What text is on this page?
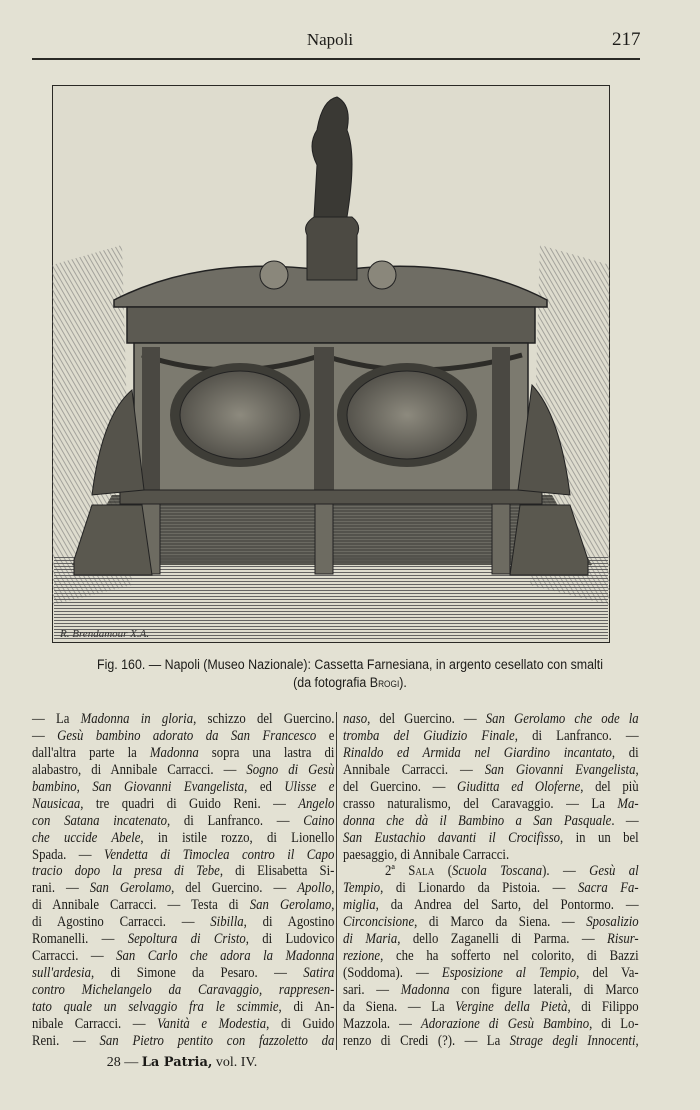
Napoli	217
R. Brendamour X.A.
Fig. 160. — Napoli (Museo Nazionale): Cassetta Farnesiana, in argento cesellato con smalti
(da fotografia Brogi).
— La Madonna in gloria, schizzo del Guercino.
— Gesù bambino adorato da San Francesco e
dall'altra parte la Madonna sopra una lastra di
alabastro, di Annibale Carracci. — Sogno di Gesù
bambino, San Giovanni Evangelista, ed Ulisse e
Nausicaa, tre quadri di Guido Reni. — Angelo
con Satana incatenato, di Lanfranco. — Caino
che uccide Abele, in istile rozzo, di Lionello
Spada. — Vendetta di Timoclea contro il Capo
tracio dopo la presa di Tebe, di Elisabetta Si-
rani. — San Gerolamo, del Guercino. — Apollo,
di Annibale Carracci. — Testa di San Gerolamo,
di Agostino Carracci. — Sibilla, di Agostino
Romanelli. — Sepoltura di Cristo, di Ludovico
Carracci. — San Carlo che adora la Madonna
sull'ardesia, di Simone da Pesaro. — Satira
contro Michelangelo da Caravaggio, rappresen-
tato quale un selvaggio fra le scimmie, di An-
nibale Carracci. — Vanità e Modestia, di Guido
Reni. — San Pietro pentito con fazzoletto da
naso, del Guercino. — San Gerolamo che ode la
tromba del Giudizio Finale, di Lanfranco. —
Rinaldo ed Armida nel Giardino incantato, di
Annibale Carracci. — San Giovanni Evangelista,
del Guercino. — Giuditta ed Oloferne, del più
crasso naturalismo, del Caravaggio. — La Ma-
donna che dà il Bambino a San Pasquale. —
San Eustachio davanti il Crocifisso, in un bel
paesaggio, di Annibale Carracci.
2ª Sala (Scuola Toscana). — Gesù al
Tempio, di Lionardo da Pistoia. — Sacra Fa-
miglia, da Andrea del Sarto, del Pontormo. —
Circoncisione, di Marco da Siena. — Sposalizio
di Maria, dello Zaganelli di Parma. — Risur-
rezione, che ha sofferto nel colorito, di Bazzi
(Soddoma). — Esposizione al Tempio, del Va-
sari. — Madonna con figure laterali, di Marco
da Siena. — La Vergine della Pietà, di Filippo
Mazzola. — Adorazione di Gesù Bambino, di Lo-
renzo di Credi (?). — La Strage degli Innocenti,
28 — La Patria, vol. IV.
